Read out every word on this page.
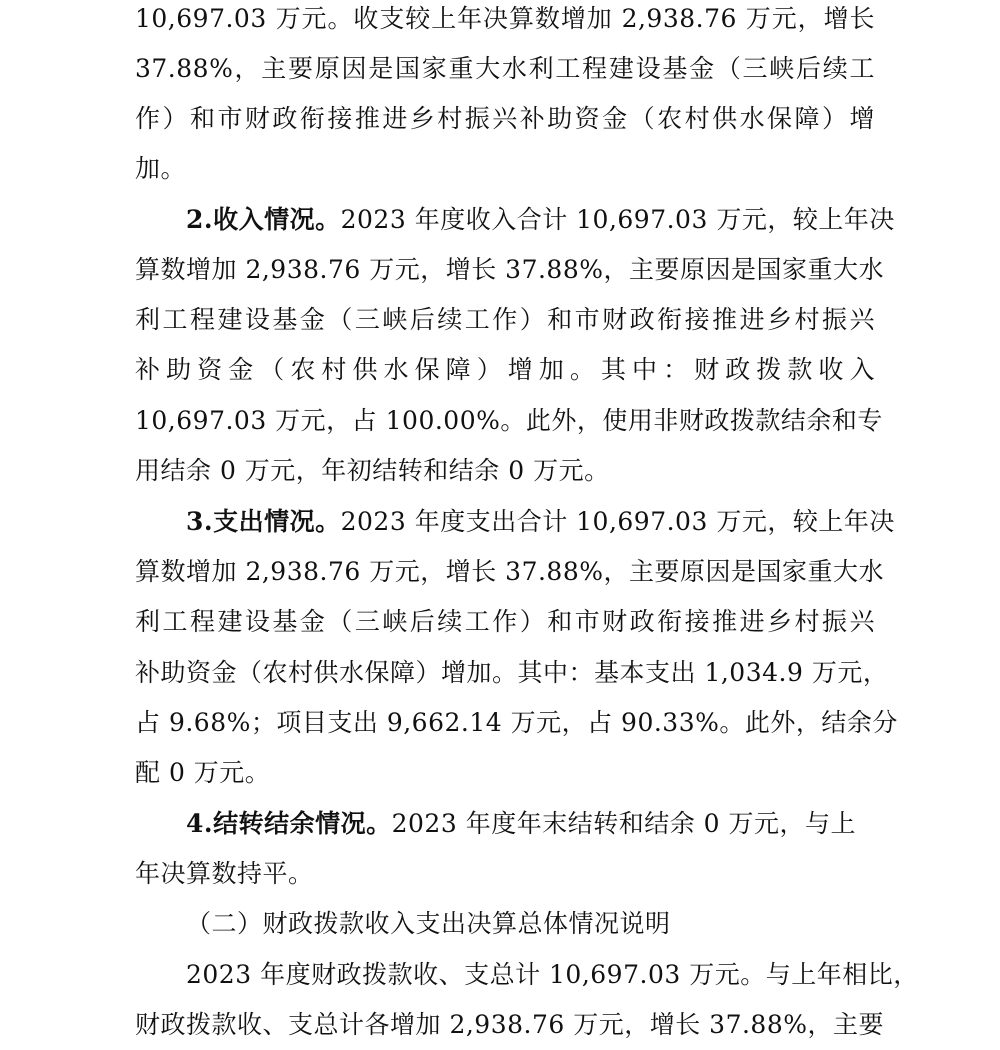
10,697.03 万元。收支较上年决算数增加 2,938.76 万元，增长
37.88%，主要原因是国家重大水利工程建设基金（三峡后续工
作）和市财政衔接推进乡村振兴补助资金（农村供水保障）增
加。
2.收入情况。2023 年度收入合计 10,697.03 万元，较上年决
算数增加 2,938.76 万元，增长 37.88%，主要原因是国家重大水
利工程建设基金（三峡后续工作）和市财政衔接推进乡村振兴
补助资金（农村供水保障）增加。其中：财政拨款收入
10,697.03 万元，占 100.00%。此外，使用非财政拨款结余和专
用结余 0 万元，年初结转和结余 0 万元。
3.支出情况。2023 年度支出合计 10,697.03 万元，较上年决
算数增加 2,938.76 万元，增长 37.88%，主要原因是国家重大水
利工程建设基金（三峡后续工作）和市财政衔接推进乡村振兴
补助资金（农村供水保障）增加。其中：基本支出 1,034.9 万元，
占 9.68%；项目支出 9,662.14 万元，占 90.33%。此外，结余分
配 0 万元。
4.结转结余情况。2023 年度年末结转和结余 0 万元，与上
年决算数持平。
（二）财政拨款收入支出决算总体情况说明
2023 年度财政拨款收、支总计 10,697.03 万元。与上年相比，
财政拨款收、支总计各增加 2,938.76 万元，增长 37.88%，主要
